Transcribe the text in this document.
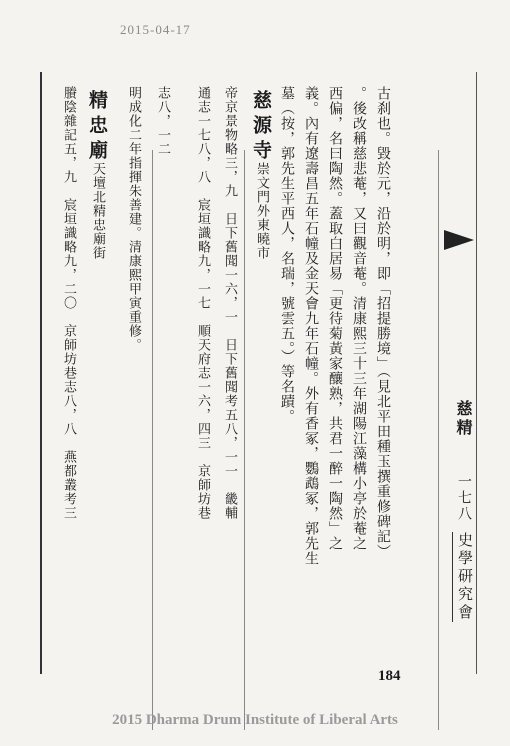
2015-04-17
古刹也。毀於元，沿於明，即「招提勝境」（見北平田種玉撰重修碑記）
。後改稱慈悲菴，又曰觀音菴。清康熙三十三年湖陽江藻構小亭於菴之
西偏，名曰陶然。蓋取白居易「更待菊黃家釀熟，共君一醉一陶然」之
義。內有遼壽昌五年石幢及金天會九年石幢。外有香冢，鸚鵡冢，郭先生
墓（按，郭先生平西人，名瑞，號雲五。）等名蹟。
慈源寺
崇文門外東曉市
帝京景物略三，九　日下舊聞一六，一　日下舊聞考五八，一一　畿輔
通志一七八，八　宸垣識略九，一七　順天府志一六，四三　京師坊巷
志八，一二
明成化二年指揮朱善建。清康熙甲寅重修。
精忠廟
天壇北精忠廟街
賸陰雜記五，九　宸垣識略九，二〇　京師坊巷志八，八　燕都叢考三	慈精
一七八
史學研究會
184
2015 Dharma Drum Institute of Liberal Arts
